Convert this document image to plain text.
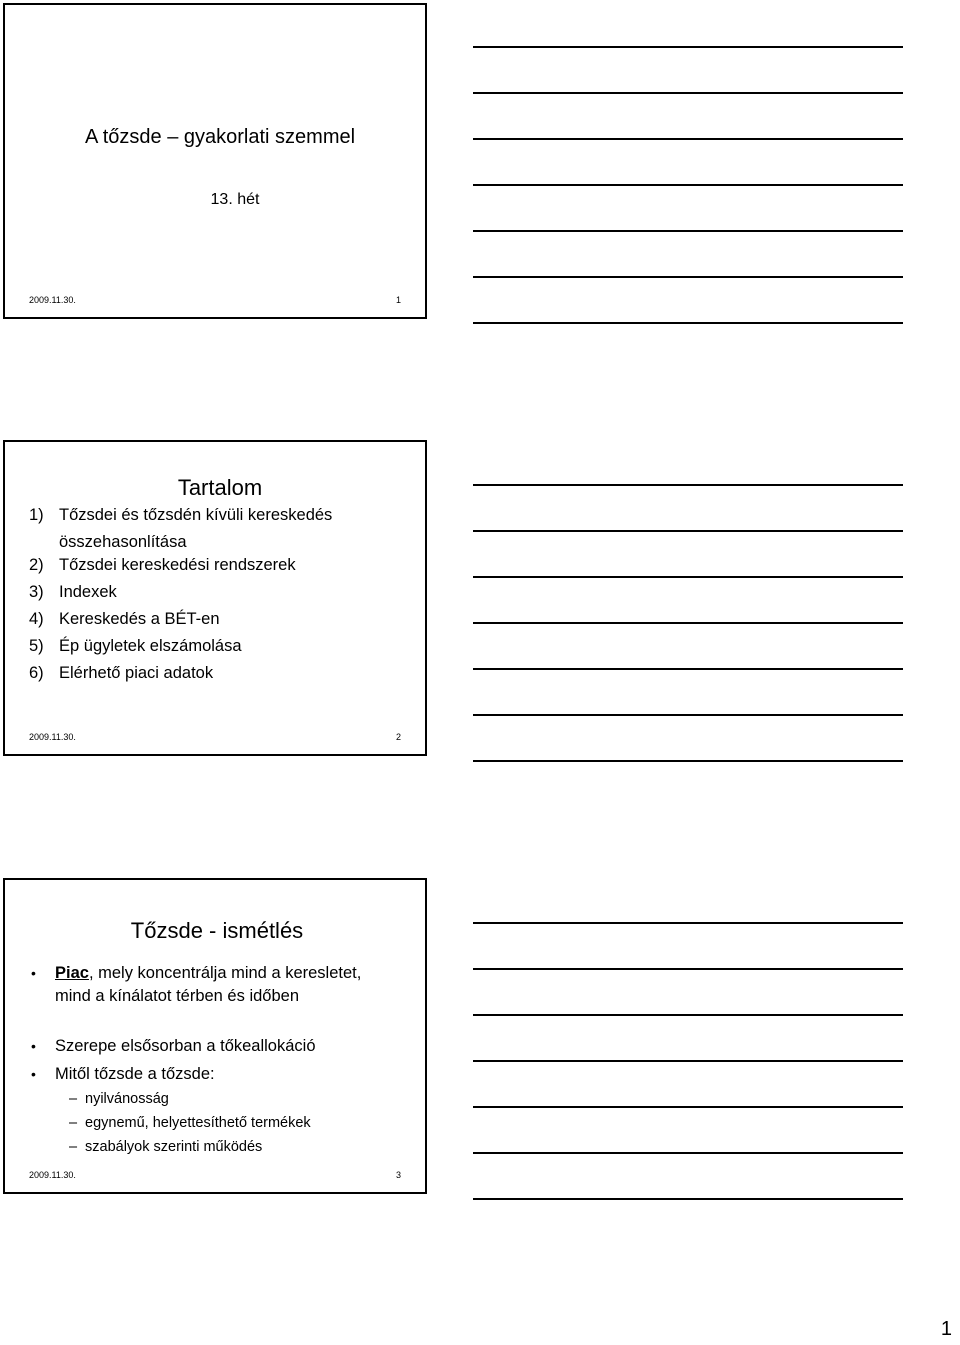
A tőzsde – gyakorlati szemmel
13. hét
2009.11.30.	1
Tartalom
1) Tőzsdei és tőzsdén kívüli kereskedés
összehasonlítása
2) Tőzsdei kereskedési rendszerek
3) Indexek
4) Kereskedés a BÉT-en
5) Ép ügyletek elszámolása
6) Elérhető piaci adatok
2009.11.30.	2
Tőzsde - ismétlés
• Piac, mely koncentrálja mind a keresletet, mind a kínálatot térben és időben
• Szerepe elsősorban a tőkeallokáció
• Mitől tőzsde a tőzsde:
– nyilvánosság
– egynemű, helyettesíthető termékek
– szabályok szerinti működés
2009.11.30.	3
1
